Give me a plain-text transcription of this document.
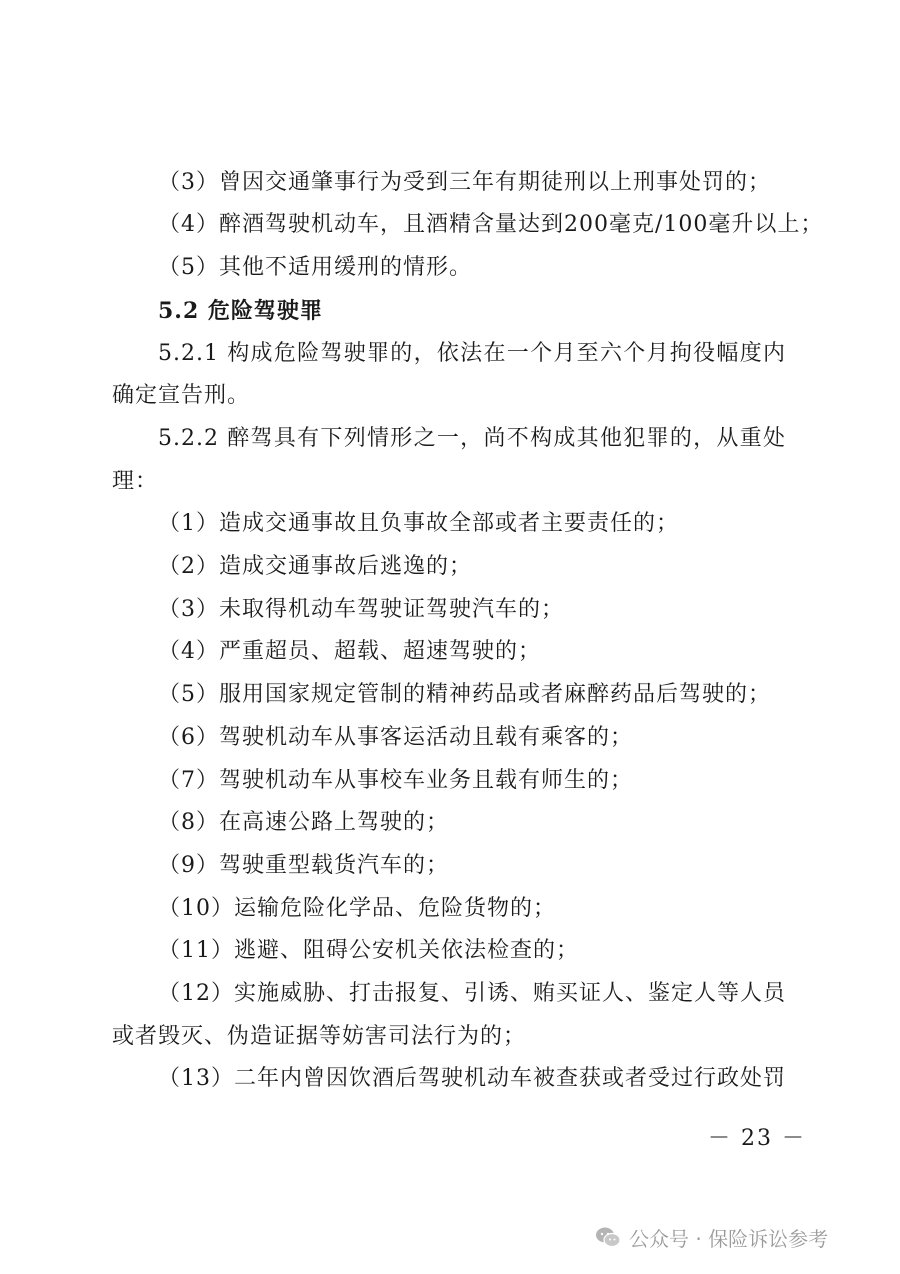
（3）曾因交通肇事行为受到三年有期徒刑以上刑事处罚的；
（4）醉酒驾驶机动车，且酒精含量达到200毫克/100毫升以上；
（5）其他不适用缓刑的情形。
5.2 危险驾驶罪
5.2.1 构成危险驾驶罪的，依法在一个月至六个月拘役幅度内
确定宣告刑。
5.2.2 醉驾具有下列情形之一，尚不构成其他犯罪的，从重处
理：
（1）造成交通事故且负事故全部或者主要责任的；
（2）造成交通事故后逃逸的；
（3）未取得机动车驾驶证驾驶汽车的；
（4）严重超员、超载、超速驾驶的；
（5）服用国家规定管制的精神药品或者麻醉药品后驾驶的；
（6）驾驶机动车从事客运活动且载有乘客的；
（7）驾驶机动车从事校车业务且载有师生的；
（8）在高速公路上驾驶的；
（9）驾驶重型载货汽车的；
（10）运输危险化学品、危险货物的；
（11）逃避、阻碍公安机关依法检查的；
（12）实施威胁、打击报复、引诱、贿买证人、鉴定人等人员
或者毁灭、伪造证据等妨害司法行为的；
（13）二年内曾因饮酒后驾驶机动车被查获或者受过行政处罚
－ 23 －
公众号 · 保险诉讼参考
